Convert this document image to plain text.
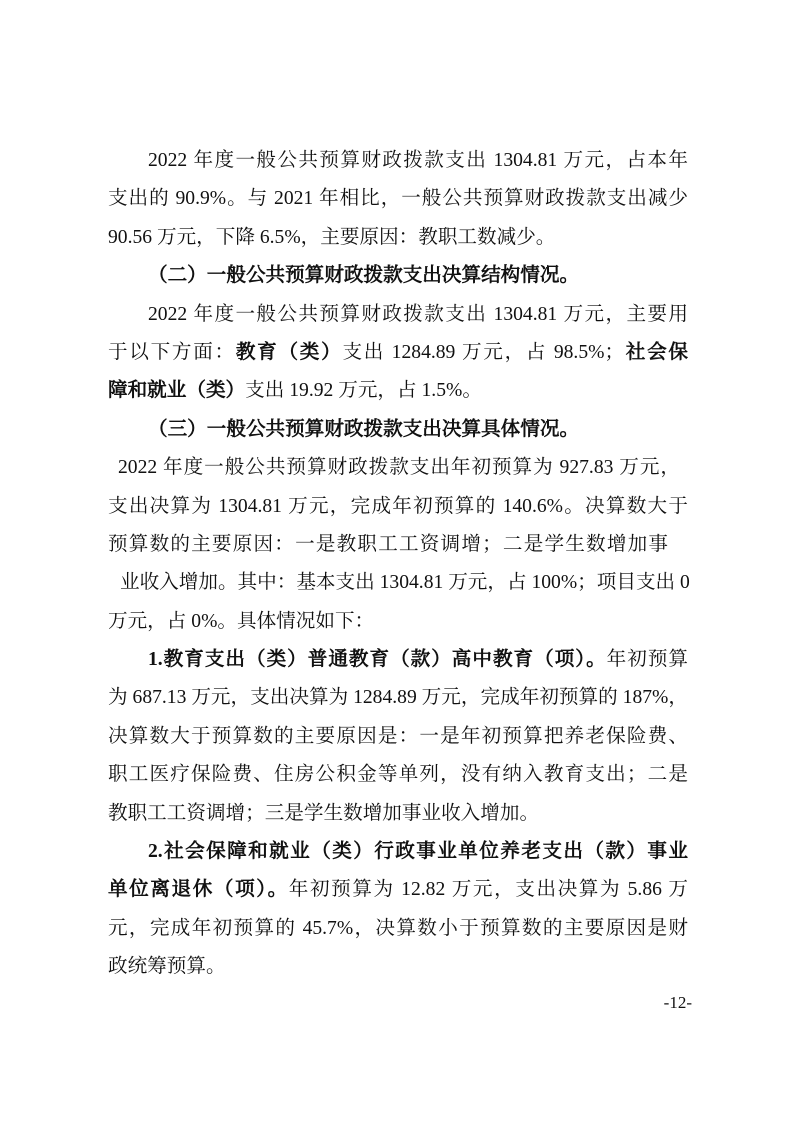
2022 年度一般公共预算财政拨款支出 1304.81 万元，占本年
支出的 90.9%。与 2021 年相比，一般公共预算财政拨款支出减少
90.56 万元，下降 6.5%，主要原因：教职工数减少。
（二）一般公共预算财政拨款支出决算结构情况。
2022 年度一般公共预算财政拨款支出 1304.81 万元，主要用
于以下方面：教育（类）支出 1284.89 万元，占 98.5%；社会保
障和就业（类）支出 19.92 万元，占 1.5%。
（三）一般公共预算财政拨款支出决算具体情况。
2022 年度一般公共预算财政拨款支出年初预算为 927.83 万元，
支出决算为 1304.81 万元，完成年初预算的 140.6%。决算数大于
预算数的主要原因：一是教职工工资调增；二是学生数增加事
业收入增加。其中：基本支出 1304.81 万元，占 100%；项目支出 0
万元，占 0%。具体情况如下：
1.教育支出（类）普通教育（款）高中教育（项）。年初预算
为 687.13 万元，支出决算为 1284.89 万元，完成年初预算的 187%，
决算数大于预算数的主要原因是：一是年初预算把养老保险费、
职工医疗保险费、住房公积金等单列，没有纳入教育支出；二是
教职工工资调增；三是学生数增加事业收入增加。
2.社会保障和就业（类）行政事业单位养老支出（款）事业
单位离退休（项）。年初预算为 12.82 万元，支出决算为 5.86 万
元，完成年初预算的 45.7%，决算数小于预算数的主要原因是财
政统筹预算。
-12-
